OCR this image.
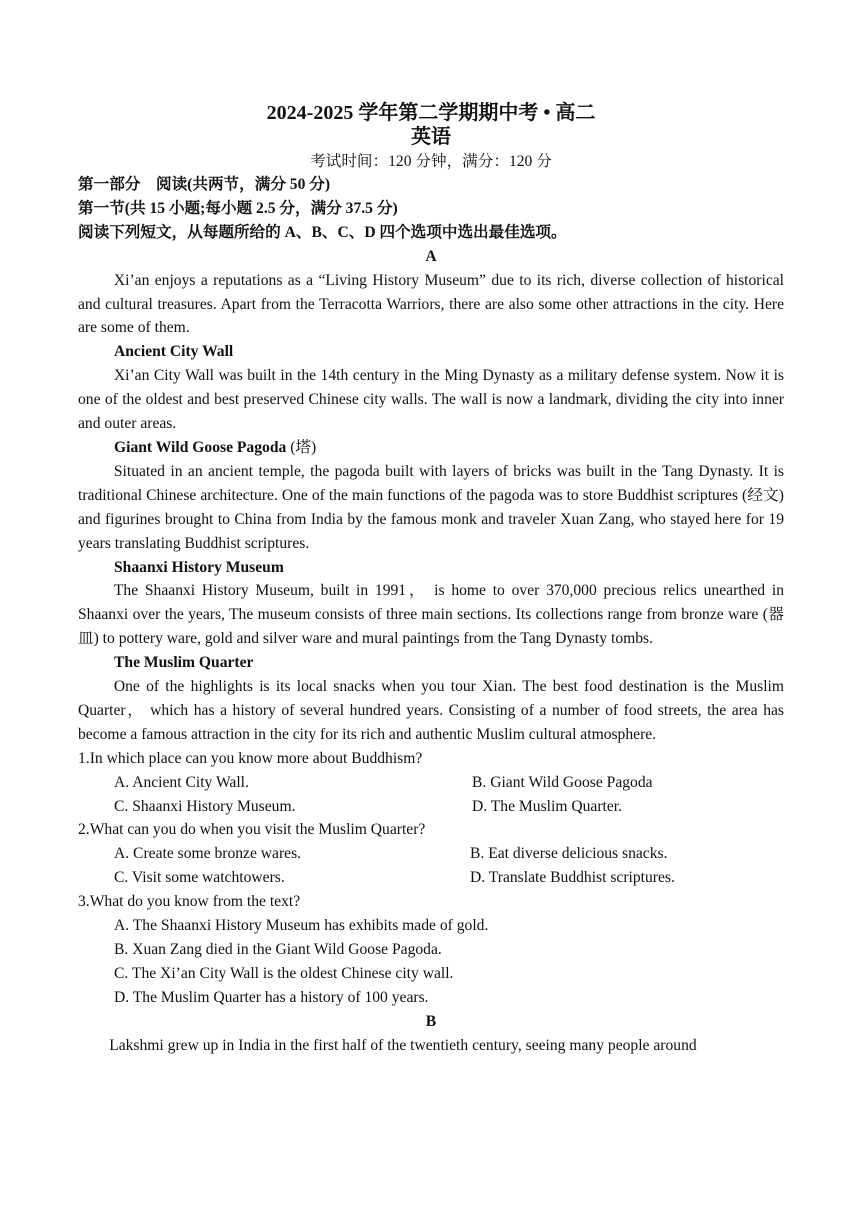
2024-2025 学年第二学期期中考 • 高二

英语

考试时间：120 分钟，满分：120 分

第一部分　阅读(共两节，满分 50 分)

第一节(共 15 小题;每小题 2.5 分，满分 37.5 分)

阅读下列短文，从每题所给的 A、B、C、D 四个选项中选出最佳选项。

A

Xi’an enjoys a reputations as a “Living History Museum” due to its rich, diverse collection of historical and cultural treasures. Apart from the Terracotta Warriors, there are also some other attractions in the city. Here are some of them.

Ancient City Wall

Xi’an City Wall was built in the 14th century in the Ming Dynasty as a military defense system. Now it is one of the oldest and best preserved Chinese city walls. The wall is now a landmark, dividing the city into inner and outer areas.

Giant Wild Goose Pagoda (塔)

Situated in an ancient temple, the pagoda built with layers of bricks was built in the Tang Dynasty. It is traditional Chinese architecture. One of the main functions of the pagoda was to store Buddhist scriptures (经文) and figurines brought to China from India by the famous monk and traveler Xuan Zang, who stayed here for 19 years translating Buddhist scriptures.

Shaanxi History Museum

The Shaanxi History Museum, built in 1991， is home to over 370,000 precious relics unearthed in Shaanxi over the years, The museum consists of three main sections. Its collections range from bronze ware (器皿) to pottery ware, gold and silver ware and mural paintings from the Tang Dynasty tombs.

The Muslim Quarter

One of the highlights is its local snacks when you tour Xian. The best food destination is the Muslim Quarter， which has a history of several hundred years. Consisting of a number of food streets, the area has become a famous attraction in the city for its rich and authentic Muslim cultural atmosphere.

1.In which place can you know more about Buddhism?

A. Ancient City Wall.	B. Giant Wild Goose Pagoda
C. Shaanxi History Museum.	D. The Muslim Quarter.

2.What can you do when you visit the Muslim Quarter?

A. Create some bronze wares.	B. Eat diverse delicious snacks.
C. Visit some watchtowers.	D. Translate Buddhist scriptures.

3.What do you know from the text?

A. The Shaanxi History Museum has exhibits made of gold.

B. Xuan Zang died in the Giant Wild Goose Pagoda.

C. The Xi’an City Wall is the oldest Chinese city wall.

D. The Muslim Quarter has a history of 100 years.

B

Lakshmi grew up in India in the first half of the twentieth century, seeing many people around
